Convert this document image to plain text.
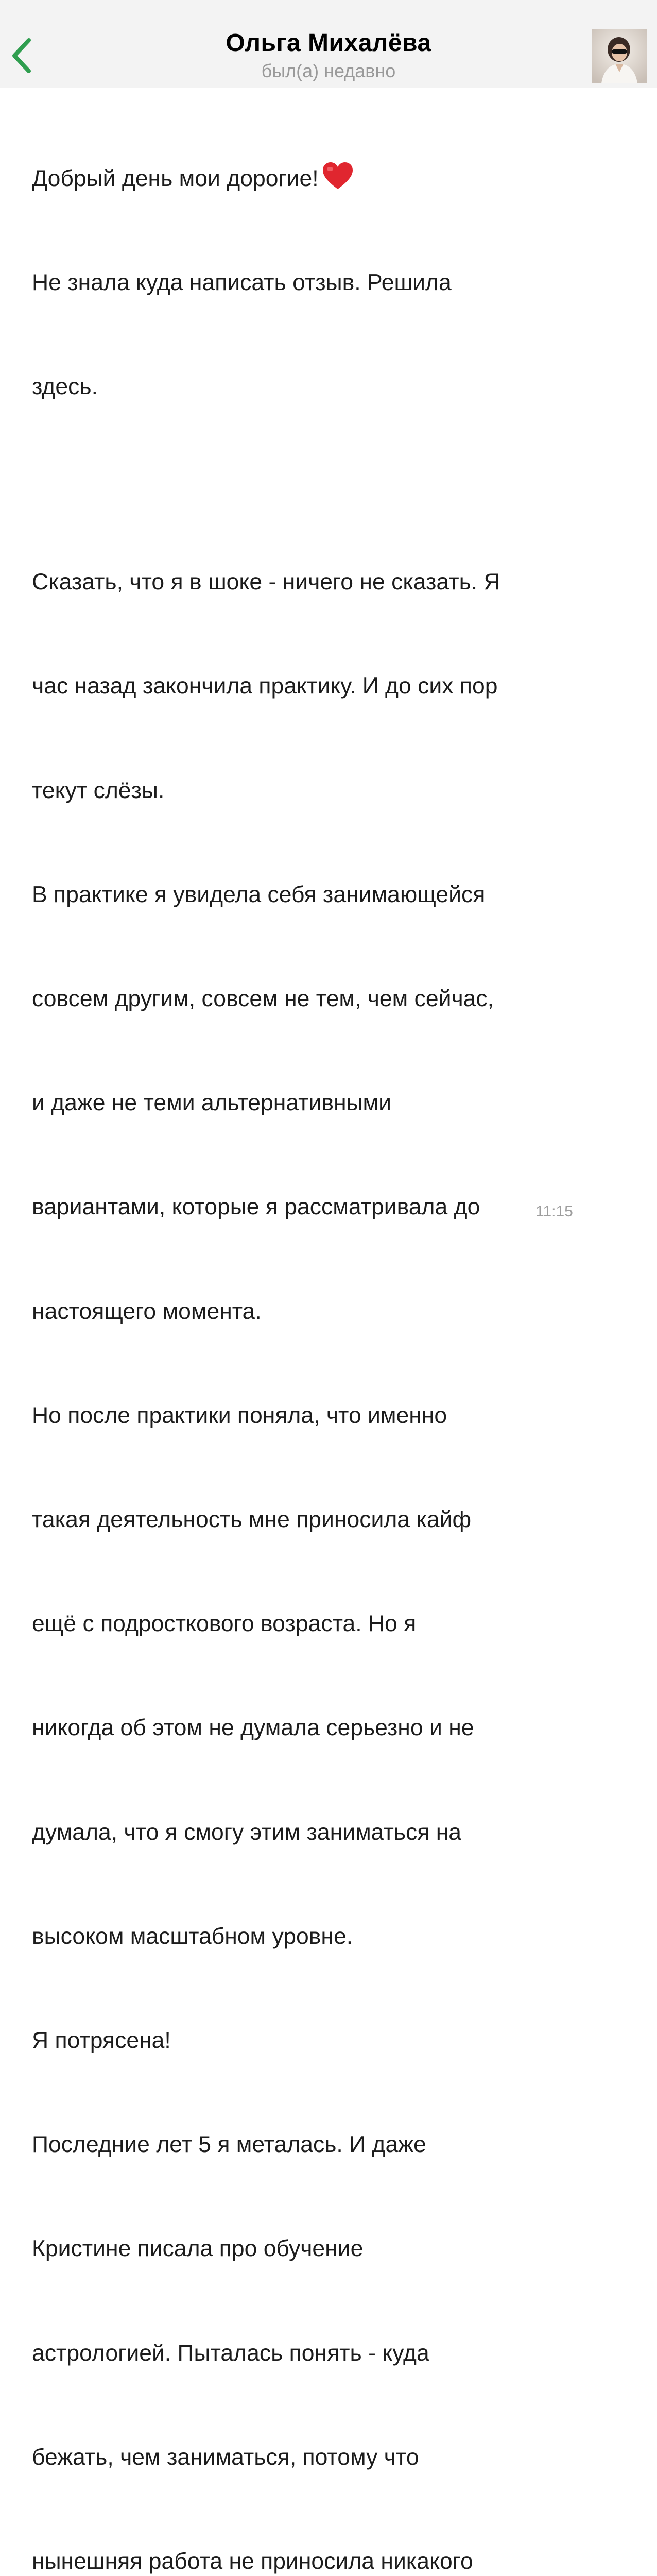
Ольга Михалёва
был(а) недавно

Добрый день мои дорогие!

Не знала куда написать отзыв. Решила

здесь.

Сказать, что я в шоке - ничего не сказать. Я

час назад закончила практику. И до сих пор

текут слёзы.

В практике я увидела себя занимающейся

совсем другим, совсем не тем, чем сейчас,

и даже не теми альтернативными

вариантами, которые я рассматривала до

настоящего момента.

Но после практики поняла, что именно

такая деятельность мне приносила кайф

ещё с подросткового возраста. Но я

никогда об этом не думала серьезно и не

думала, что я смогу этим заниматься на

высоком масштабном уровне.

Я потрясена!

Последние лет 5 я металась. И даже

Кристине писала про обучение

астрологией. Пыталась понять - куда

бежать, чем заниматься, потому что

нынешняя работа не приносила никакого

11:15
